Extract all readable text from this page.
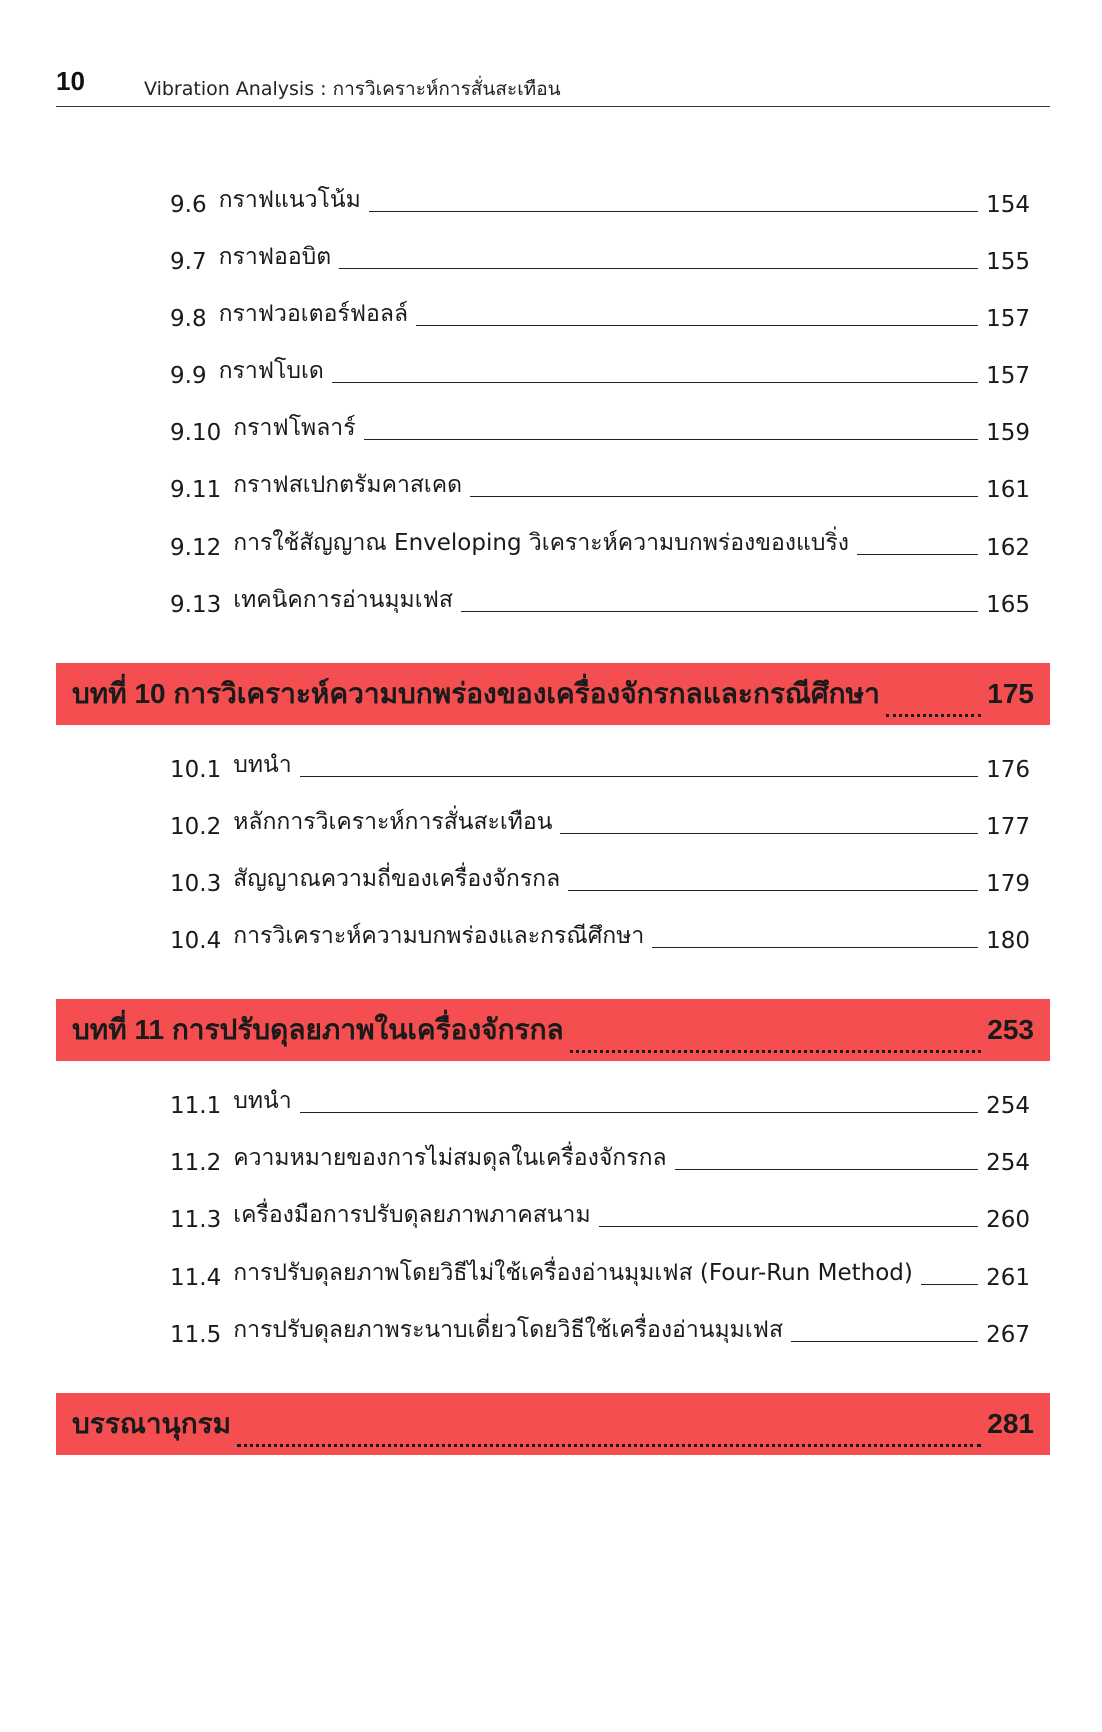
10	Vibration Analysis : การวิเคราะห์การสั่นสะเทือน
9.6 กราฟแนวโน้ม	154
9.7 กราฟออบิต	155
9.8 กราฟวอเตอร์ฟอลล์	157
9.9 กราฟโบเด	157
9.10 กราฟโพลาร์	159
9.11 กราฟสเปกตรัมคาสเคด	161
9.12 การใช้สัญญาณ Enveloping วิเคราะห์ความบกพร่องของแบริ่ง	162
9.13 เทคนิคการอ่านมุมเฟส	165
บทที่ 10 การวิเคราะห์ความบกพร่องของเครื่องจักรกลและกรณีศึกษา	175
10.1 บทนำ	176
10.2 หลักการวิเคราะห์การสั่นสะเทือน	177
10.3 สัญญาณความถี่ของเครื่องจักรกล	179
10.4 การวิเคราะห์ความบกพร่องและกรณีศึกษา	180
บทที่ 11 การปรับดุลยภาพในเครื่องจักรกล	253
11.1 บทนำ	254
11.2 ความหมายของการไม่สมดุลในเครื่องจักรกล	254
11.3 เครื่องมือการปรับดุลยภาพภาคสนาม	260
11.4 การปรับดุลยภาพโดยวิธีไม่ใช้เครื่องอ่านมุมเฟส (Four-Run Method)	261
11.5 การปรับดุลยภาพระนาบเดี่ยวโดยวิธีใช้เครื่องอ่านมุมเฟส	267
บรรณานุกรม	281
